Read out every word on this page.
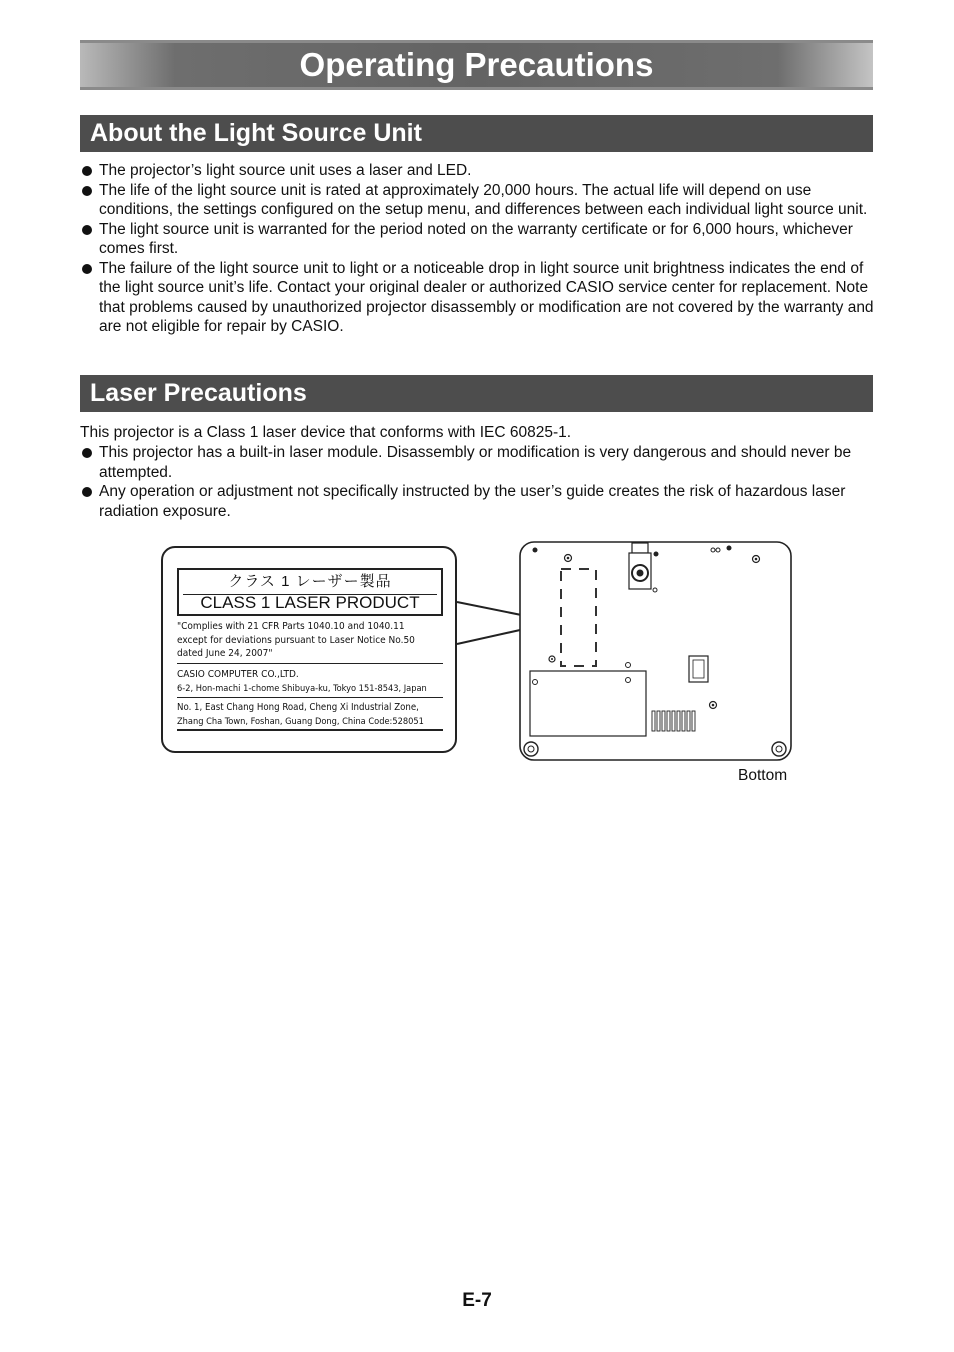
Operating Precautions
About the Light Source Unit
The projector’s light source unit uses a laser and LED.
The life of the light source unit is rated at approximately 20,000 hours. The actual life will depend on use conditions, the settings configured on the setup menu, and differences between each individual light source unit.
The light source unit is warranted for the period noted on the warranty certificate or for 6,000 hours, whichever comes first.
The failure of the light source unit to light or a noticeable drop in light source unit brightness indicates the end of the light source unit’s life. Contact your original dealer or authorized CASIO service center for replacement. Note that problems caused by unauthorized projector disassembly or modification are not covered by the warranty and are not eligible for repair by CASIO.
Laser Precautions

This projector is a Class 1 laser device that conforms with IEC 60825-1.

This projector has a built-in laser module. Disassembly or modification is very dangerous and should never be attempted.
Any operation or adjustment not specifically instructed by the user’s guide creates the risk of hazardous laser radiation exposure.
クラス 1 レーザー製品
CLASS 1 LASER PRODUCT
"Complies with 21 CFR Parts 1040.10 and 1040.11
except for deviations pursuant to Laser Notice No.50
dated June 24, 2007"
CASIO COMPUTER CO.,LTD.
6-2, Hon-machi 1-chome Shibuya-ku, Tokyo 151-8543, Japan
No. 1, East Chang Hong Road, Cheng Xi Industrial Zone,
Zhang Cha Town, Foshan, Guang Dong, China Code:528051
Bottom
E-7
